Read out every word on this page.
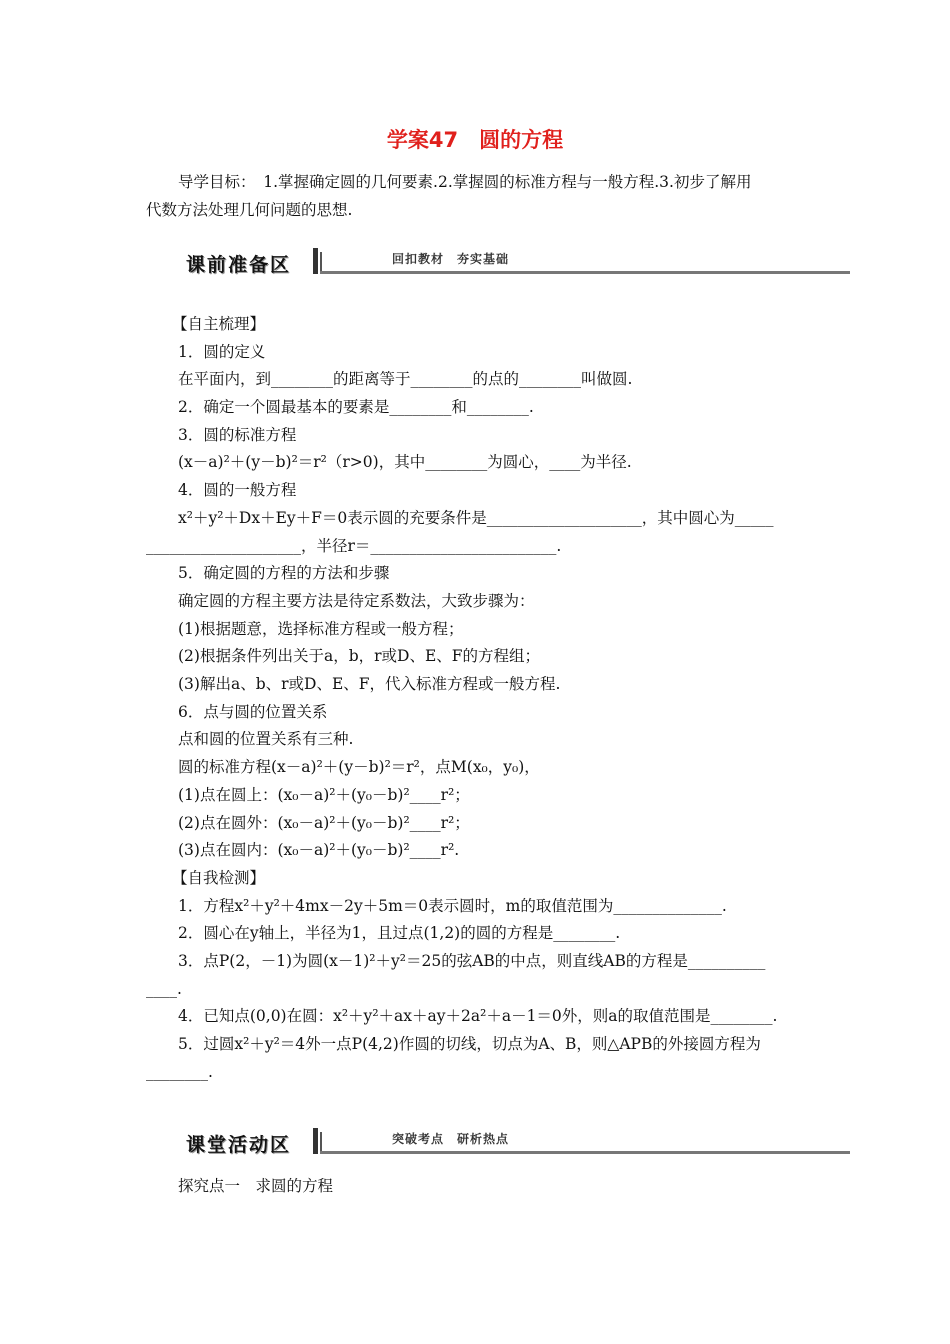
学案47　圆的方程
导学目标：　1.掌握确定圆的几何要素.2.掌握圆的标准方程与一般方程.3.初步了解用
代数方法处理几何问题的思想.
课前准备区	回扣教材　夯实基础
【自主梳理】
1．圆的定义
在平面内，到________的距离等于________的点的________叫做圆.
2．确定一个圆最基本的要素是________和________.
3．圆的标准方程
(x－a)²＋(y－b)²＝r²（r>0)，其中________为圆心，____为半径.
4．圆的一般方程
x²＋y²＋Dx＋Ey＋F＝0表示圆的充要条件是____________________，其中圆心为_____
____________________，半径r＝________________________.
5．确定圆的方程的方法和步骤
确定圆的方程主要方法是待定系数法，大致步骤为：
(1)根据题意，选择标准方程或一般方程；
(2)根据条件列出关于a，b，r或D、E、F的方程组；
(3)解出a、b、r或D、E、F，代入标准方程或一般方程.
6．点与圆的位置关系
点和圆的位置关系有三种.
圆的标准方程(x－a)²＋(y－b)²＝r²，点M(x₀，y₀)，
(1)点在圆上：(x₀－a)²＋(y₀－b)²____r²；
(2)点在圆外：(x₀－a)²＋(y₀－b)²____r²；
(3)点在圆内：(x₀－a)²＋(y₀－b)²____r².
【自我检测】
1．方程x²＋y²＋4mx－2y＋5m＝0表示圆时，m的取值范围为______________.
2．圆心在y轴上，半径为1，且过点(1,2)的圆的方程是________.
3．点P(2，－1)为圆(x－1)²＋y²＝25的弦AB的中点，则直线AB的方程是__________
____.
4．已知点(0,0)在圆：x²＋y²＋ax＋ay＋2a²＋a－1＝0外，则a的取值范围是________.
5．过圆x²＋y²＝4外一点P(4,2)作圆的切线，切点为A、B，则△APB的外接圆方程为
________.
课堂活动区	突破考点　研析热点
探究点一　求圆的方程
